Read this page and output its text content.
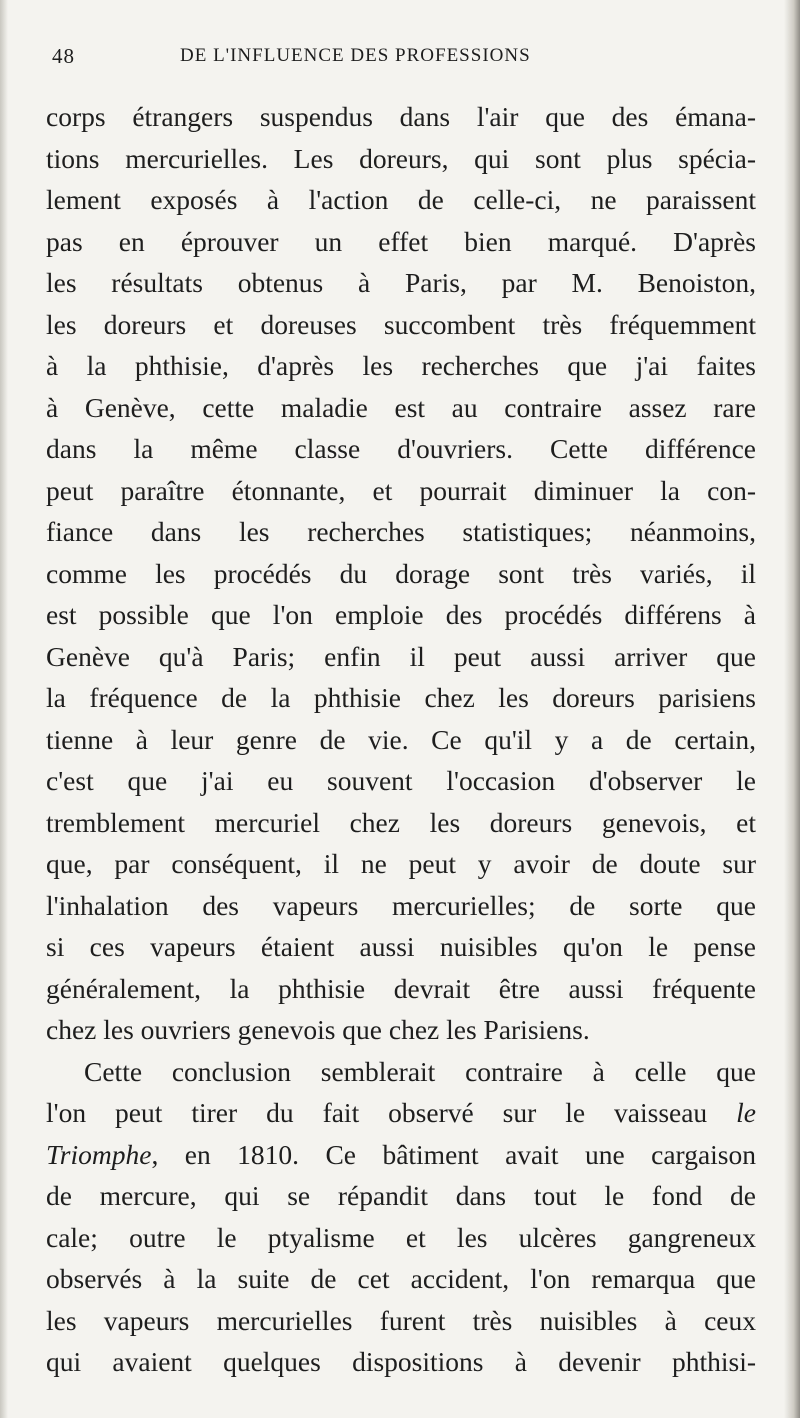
48	DE L'INFLUENCE DES PROFESSIONS
corps étrangers suspendus dans l'air que des émana-
tions mercurielles. Les doreurs, qui sont plus spécia-
lement exposés à l'action de celle-ci, ne paraissent
pas en éprouver un effet bien marqué. D'après
les résultats obtenus à Paris, par M. Benoiston,
les doreurs et doreuses succombent très fréquemment
à la phthisie, d'après les recherches que j'ai faites
à Genève, cette maladie est au contraire assez rare
dans la même classe d'ouvriers. Cette différence
peut paraître étonnante, et pourrait diminuer la con-
fiance dans les recherches statistiques; néanmoins,
comme les procédés du dorage sont très variés, il
est possible que l'on emploie des procédés différens à
Genève qu'à Paris; enfin il peut aussi arriver que
la fréquence de la phthisie chez les doreurs parisiens
tienne à leur genre de vie. Ce qu'il y a de certain,
c'est que j'ai eu souvent l'occasion d'observer le
tremblement mercuriel chez les doreurs genevois, et
que, par conséquent, il ne peut y avoir de doute sur
l'inhalation des vapeurs mercurielles; de sorte que
si ces vapeurs étaient aussi nuisibles qu'on le pense
généralement, la phthisie devrait être aussi fréquente
chez les ouvriers genevois que chez les Parisiens.
Cette conclusion semblerait contraire à celle que
l'on peut tirer du fait observé sur le vaisseau le
Triomphe, en 1810. Ce bâtiment avait une cargaison
de mercure, qui se répandit dans tout le fond de
cale; outre le ptyalisme et les ulcères gangreneux
observés à la suite de cet accident, l'on remarqua que
les vapeurs mercurielles furent très nuisibles à ceux
qui avaient quelques dispositions à devenir phthisi-
